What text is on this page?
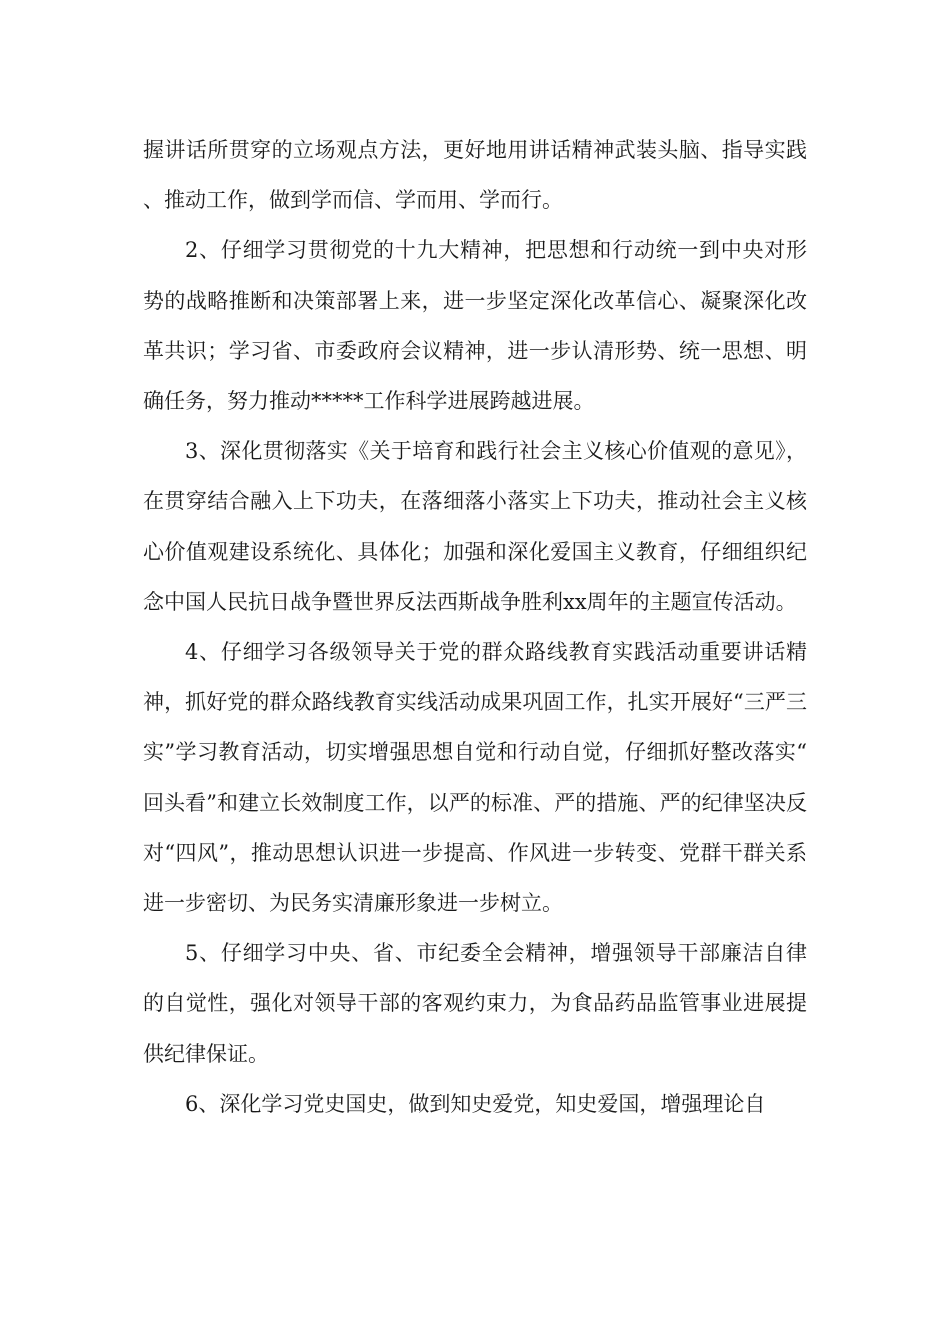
握讲话所贯穿的立场观点方法，更好地用讲话精神武装头脑、指导实践、推动工作，做到学而信、学而用、学而行。

2、仔细学习贯彻党的十九大精神，把思想和行动统一到中央对形势的战略推断和决策部署上来，进一步坚定深化改革信心、凝聚深化改革共识；学习省、市委政府会议精神，进一步认清形势、统一思想、明确任务，努力推动*****工作科学进展跨越进展。

3、深化贯彻落实《关于培育和践行社会主义核心价值观的意见》，在贯穿结合融入上下功夫，在落细落小落实上下功夫，推动社会主义核心价值观建设系统化、具体化；加强和深化爱国主义教育，仔细组织纪念中国人民抗日战争暨世界反法西斯战争胜利xx周年的主题宣传活动。

4、仔细学习各级领导关于党的群众路线教育实践活动重要讲话精神，抓好党的群众路线教育实线活动成果巩固工作，扎实开展好“三严三实”学习教育活动，切实增强思想自觉和行动自觉，仔细抓好整改落实“回头看”和建立长效制度工作，以严的标准、严的措施、严的纪律坚决反对“四风”，推动思想认识进一步提高、作风进一步转变、党群干群关系进一步密切、为民务实清廉形象进一步树立。

5、仔细学习中央、省、市纪委全会精神，增强领导干部廉洁自律的自觉性，强化对领导干部的客观约束力，为食品药品监管事业进展提供纪律保证。

6、深化学习党史国史，做到知史爱党，知史爱国，增强理论自
